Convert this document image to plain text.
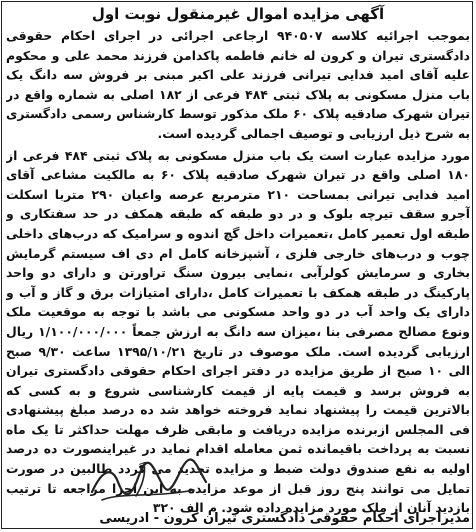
آگهی مزایده اموال غیرمنقول نوبت اول

بموجب اجرائیه کلاسه ۹۴۰۵۰۷ ارجاعی اجرائی در اجرای احکام حقوقی دادگستری تیران و کرون له خانم فاطمه پاکدامن فرزند محمد علی و محکوم علیه آقای امید فدایی تیرانی فرزند علی اکبر مبنی بر فروش سه دانگ یک باب منزل مسکونی به پلاک ثبتی ۴۸۴ فرعی از ۱۸۲ اصلی به شماره واقع در تیران شهرک صادقیه پلاک ۶۰ ملک مذکور توسط کارشناس رسمی دادگستری به شرح ذیل ارزیابی و توصیف اجمالی گردیده است.

مورد مزایده عبارت است یک باب منزل مسکونی به پلاک ثبتی ۴۸۴ فرعی از ۱۸۰ اصلی واقع در تیران شهرک صادقیه پلاک ۶۰ به مالکیت مشاعی آقای امید فدایی تیرانی بمساحت ۲۱۰ مترمربع عرصه واعیان ۲۹۰ متربا اسکلت آجرو سقف تیرچه بلوک و در دو طبقه که طبقه همکف در حد سفتکاری و طبقه اول تعمیر کامل ،تعمیرات داخل گچ اندوه و سرامیک که درب‌های داخلی چوب و درب‌های خارجی فلزی ، آشپزخانه کامل ام دی اف سیستم گرمایش بخاری و سرمایش کولرآبی ،نمایی بیرون سنگ تراورتن و دارای دو واحد پارکینگ در طبقه همکف با تعمیرات کامل ،دارای امتیازات برق و گاز و آب و دارای یک واحد آب در دو واحد مسکونی می باشد با توجه به موقعیت ملک ونوع مصالح مصرفی بنا ،میزان سه دانگ به ارزش جمعاً ۱/۱۰۰/۰۰۰/۰۰۰ ریال ارزیابی گردیده است. ملک موصوف در تاریخ ۱۳۹۵/۱۰/۲۱ ساعت ۹/۳۰ صبح الی ۱۰ صبح از طریق مزایده در دفتر اجرای احکام حقوقی دادگستری تیران به فروش برسد و قیمت پایه از قیمت کارشناسی شروع و به کسی که بالاترین قیمت را پیشنهاد نماید فروخته خواهد شد ده درصد مبلغ پیشنهادی فی المجلس ازبرنده مزایده دریافت و مابقی ظرف مهلت حداکثر تا یک ماه نسبت به پرداخت باقیمانده ثمن معامله اقدام نماید در غیراینصورت ده درصد اولیه به نفع صندوق دولت ضبط و مزایده تجدید می گردد طالبین در صورت تمایل می توانند پنج روز قبل از موعد مزایده به این احرا مراجعه تا ترتیب بازدید آنان از ملک مورد مزایده داده شود. م الف ۳۲۰

مدیراجرای احکام حقوقی دادگستری تیران کرون - ادریسی
